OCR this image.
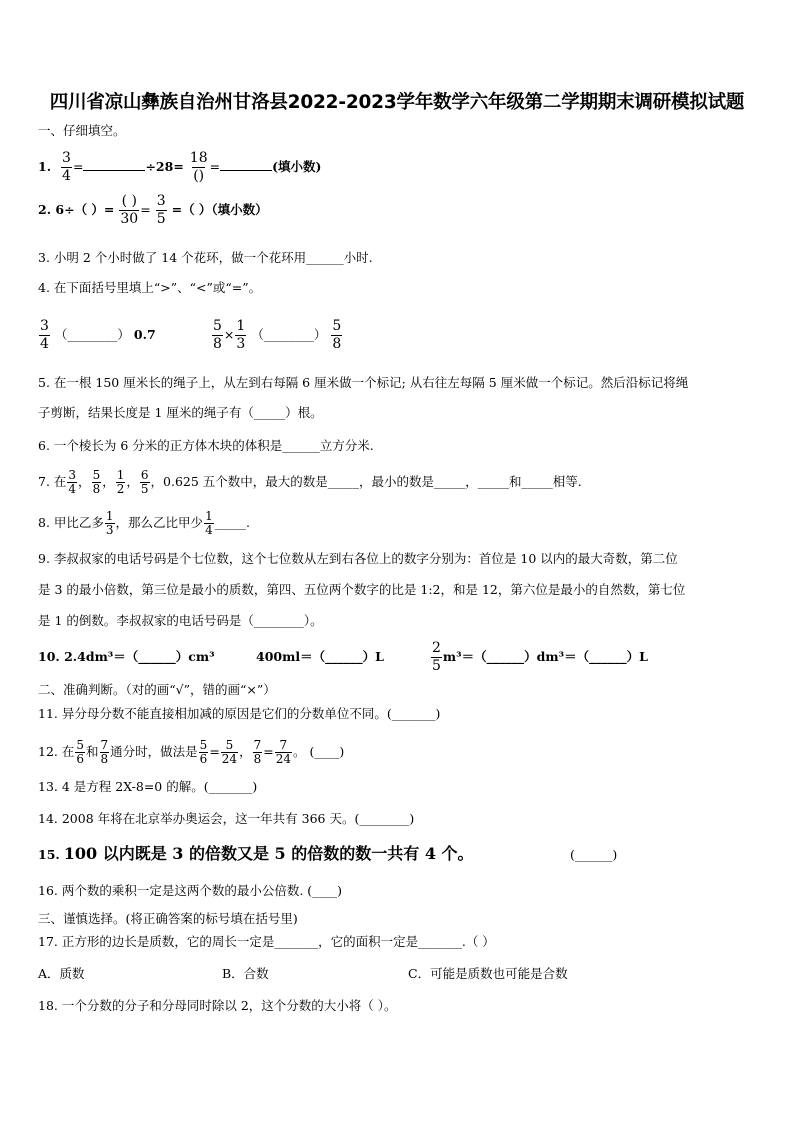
四川省凉山彝族自治州甘洛县2022-2023学年数学六年级第二学期期末调研模拟试题
一、仔细填空。
1. $\frac{3}{4}$ =	$\div 28= \frac{18}{()}$ =	(填小数)
2. 6÷（ ）= $\frac{( )}{30} = \frac{3}{5}$ =（ ）（填小数）
3. 小明 2 个小时做了 14 个花环，做一个花环用______小时.
4. 在下面括号里填上“>”、“<”或“=”。
$\frac{3}{4}$ （________） 0.7	$\frac{5}{8} \times \frac{1}{3}$ （________） $\frac{5}{8}$
5. 在一根 150 厘米长的绳子上，从左到右每隔 6 厘米做一个标记; 从右往左每隔 5 厘米做一个标记。然后沿标记将绳
子剪断，结果长度是 1 厘米的绳子有（_____）根。
6. 一个棱长为 6 分米的正方体木块的体积是______立方分米.
7. 在 $\frac{3}{4}$ ， $\frac{5}{8}$ ， $\frac{1}{2}$ ， $\frac{6}{5}$ ，0.625 五个数中，最大的数是_____，最小的数是_____，_____和_____相等.
8. 甲比乙多 $\frac{1}{3}$ ，那么乙比甲少 $\frac{1}{4}$ _____.
9. 李叔叔家的电话号码是个七位数，这个七位数从左到右各位上的数字分别为：首位是 10 以内的最大奇数，第二位
是 3 的最小倍数，第三位是最小的质数，第四、五位两个数字的比是 1:2，和是 12，第六位是最小的自然数，第七位
是 1 的倒数。李叔叔家的电话号码是（________）。
10. 2.4dm³＝（______）cm³	400ml＝（______）L	$\frac{2}{5}$ m³＝（______）dm³＝（______）L
二、准确判断。（对的画“√”，错的画“×”）
11. 异分母分数不能直接相加减的原因是它们的分数单位不同。(_______)
12. 在 $\frac{5}{6}$ 和 $\frac{7}{8}$ 通分时，做法是 $\frac{5}{6} = \frac{5}{24}$ ， $\frac{7}{8} = \frac{7}{24}$ 。 (____)
13. 4 是方程 2X-8=0 的解。(_______)
14. 2008 年将在北京举办奥运会，这一年共有 366 天。(________)
15. 100 以内既是 3 的倍数又是 5 的倍数的数一共有 4 个。	(______)
16. 两个数的乘积一定是这两个数的最小公倍数. (____)
三、谨慎选择。(将正确答案的标号填在括号里)
17. 正方形的边长是质数，它的周长一定是_______，它的面积一定是_______.（ ）
A．质数	B．合数	C．可能是质数也可能是合数
18. 一个分数的分子和分母同时除以 2，这个分数的大小将（ ）。
